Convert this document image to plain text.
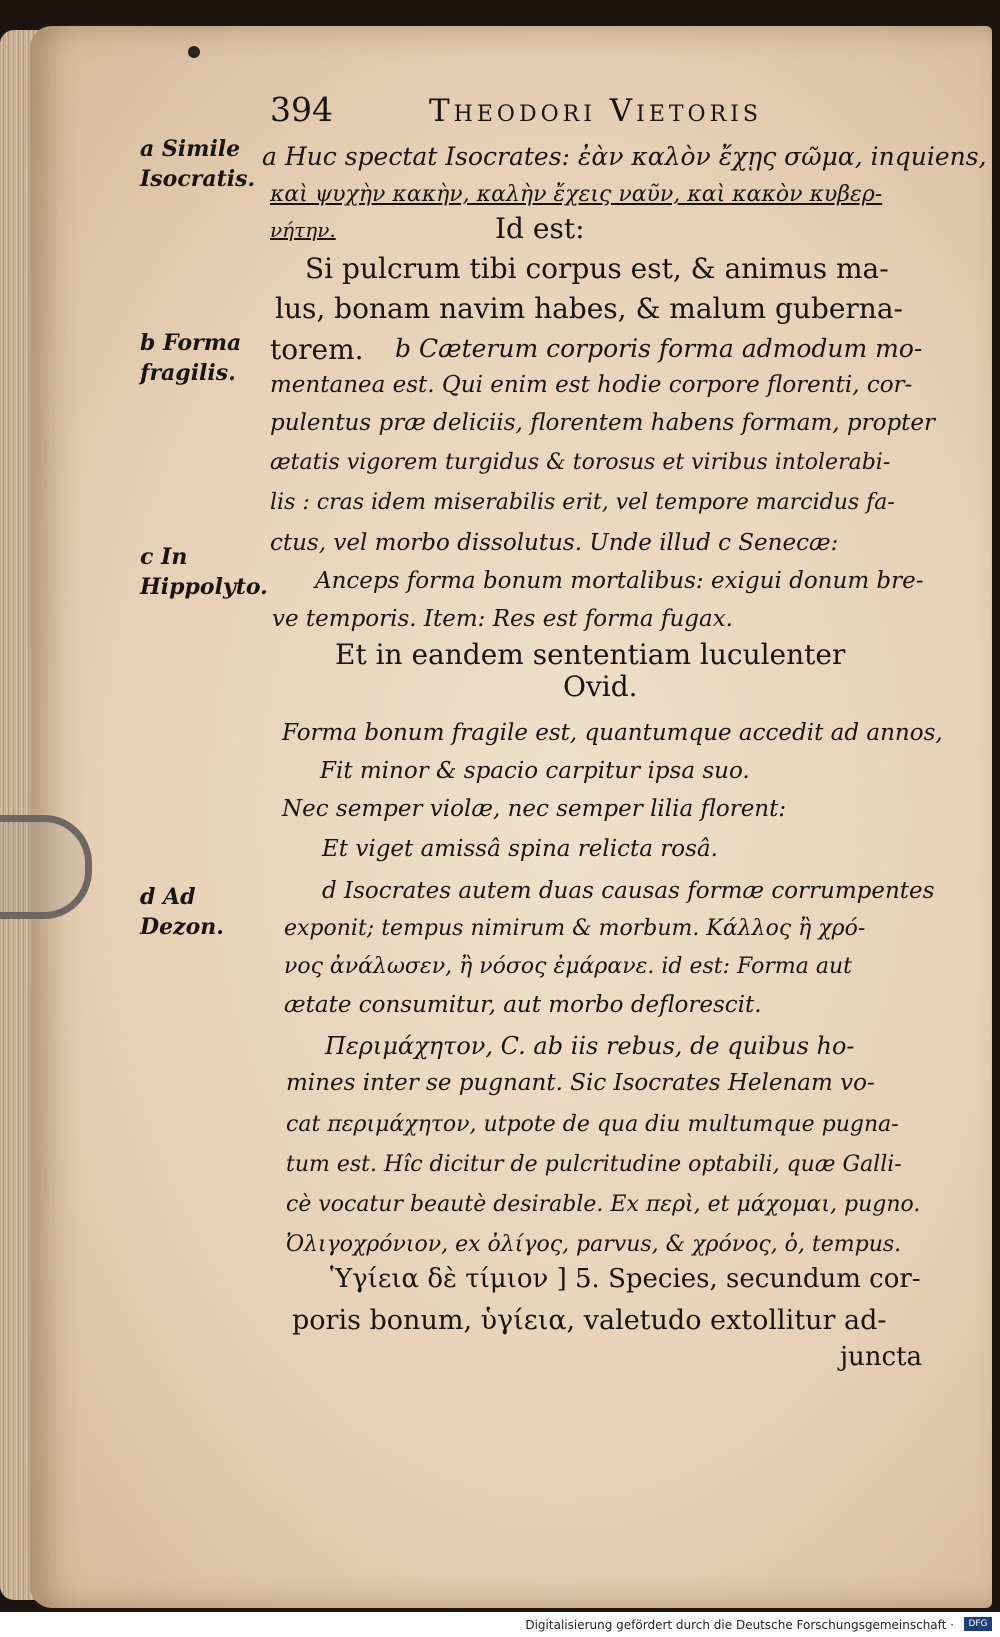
394	Theodori Vietoris
a Simile Isocratis.
b Forma fragilis.
c In Hippolyto.
d Ad Dezon.
a Huc spectat Isocrates: ἐὰν καλὸν ἔχῃς σῶμα, inquiens,
καὶ ψυχὴν κακὴν, καλὴν ἔχεις ναῦν, καὶ κακὸν κυβερ-
νήτην.	Id est:
Si pulcrum tibi corpus est, & animus ma-
lus, bonam navim habes, & malum guberna-
torem. b Cæterum corporis forma admodum mo-
mentanea est. Qui enim est hodie corpore florenti, cor-
pulentus præ deliciis, florentem habens formam, propter
ætatis vigorem turgidus & torosus et viribus intolerabi-
lis : cras idem miserabilis erit, vel tempore marcidus fa-
ctus, vel morbo dissolutus. Unde illud c Senecæ:
Anceps forma bonum mortalibus: exigui donum bre-
ve temporis. Item: Res est forma fugax.
Et in eandem sententiam luculenter
Ovid.
Forma bonum fragile est, quantumque accedit ad annos,
Fit minor & spacio carpitur ipsa suo.
Nec semper violæ, nec semper lilia florent:
Et viget amissâ spina relicta rosâ.
d Isocrates autem duas causas formæ corrumpentes
exponit; tempus nimirum & morbum. Κάλλος ἢ χρό-
νος ἀνάλωσεν, ἢ νόσος ἐμάρανε. id est: Forma aut
ætate consumitur, aut morbo deflorescit.
Περιμάχητον, C. ab iis rebus, de quibus ho-
mines inter se pugnant. Sic Isocrates Helenam vo-
cat περιμάχητον, utpote de qua diu multumque pugna-
tum est. Hîc dicitur de pulcritudine optabili, quæ Galli-
cè vocatur beautè desirable. Ex περὶ, et μάχομαι, pugno.
Ὀλιγοχρόνιον, ex ὀλίγος, parvus, & χρόνος, ὁ, tempus.
Ὑγίεια δὲ τίμιον ] 5. Species, secundum cor-
poris bonum, ὑγίεια, valetudo extollitur ad-
juncta
Digitalisierung gefördert durch die Deutsche Forschungsgemeinschaft ·	DFG
